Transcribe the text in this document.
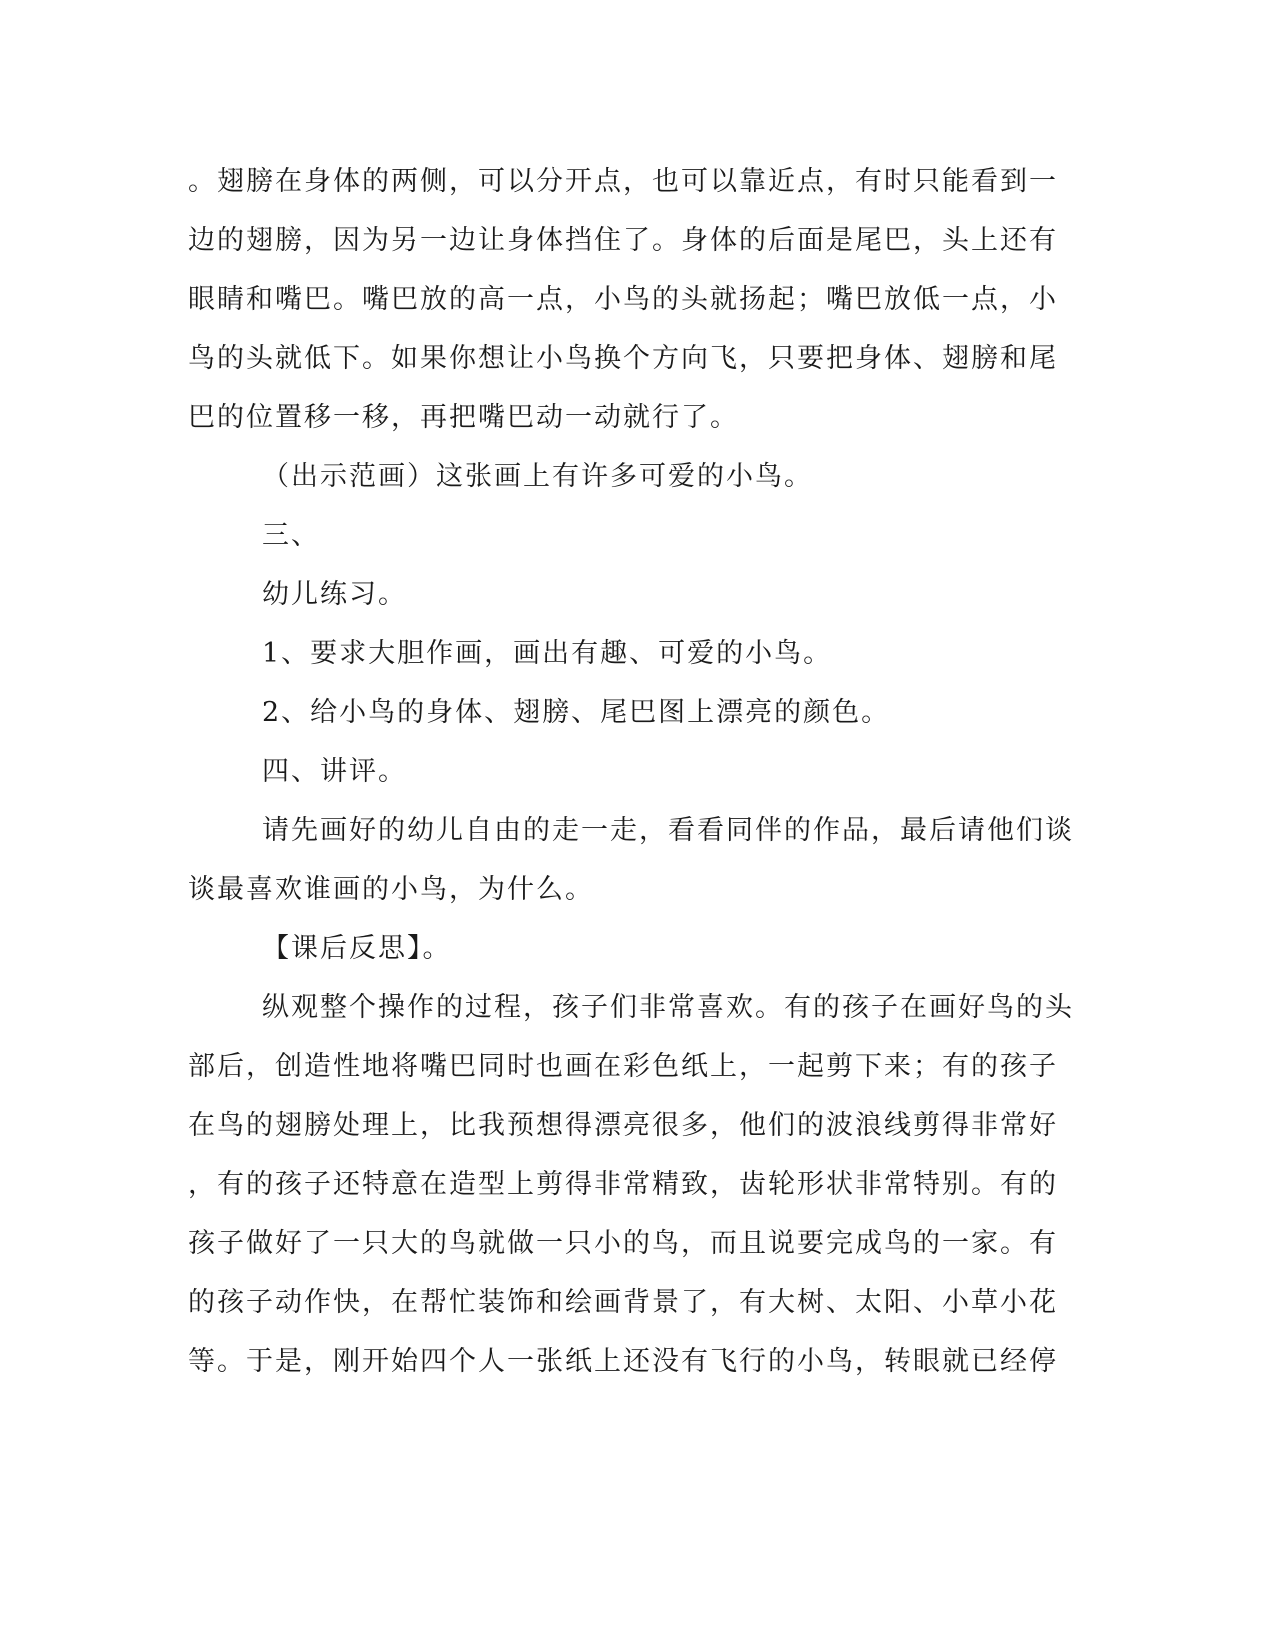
。翅膀在身体的两侧，可以分开点，也可以靠近点，有时只能看到一
边的翅膀，因为另一边让身体挡住了。身体的后面是尾巴，头上还有
眼睛和嘴巴。嘴巴放的高一点，小鸟的头就扬起；嘴巴放低一点，小
鸟的头就低下。如果你想让小鸟换个方向飞，只要把身体、翅膀和尾
巴的位置移一移，再把嘴巴动一动就行了。
（出示范画）这张画上有许多可爱的小鸟。
三、
幼儿练习。
1、要求大胆作画，画出有趣、可爱的小鸟。
2、给小鸟的身体、翅膀、尾巴图上漂亮的颜色。
四、讲评。
请先画好的幼儿自由的走一走，看看同伴的作品，最后请他们谈
谈最喜欢谁画的小鸟，为什么。
【课后反思】。
纵观整个操作的过程，孩子们非常喜欢。有的孩子在画好鸟的头
部后，创造性地将嘴巴同时也画在彩色纸上，一起剪下来；有的孩子
在鸟的翅膀处理上，比我预想得漂亮很多，他们的波浪线剪得非常好
，有的孩子还特意在造型上剪得非常精致，齿轮形状非常特别。有的
孩子做好了一只大的鸟就做一只小的鸟，而且说要完成鸟的一家。有
的孩子动作快，在帮忙装饰和绘画背景了，有大树、太阳、小草小花
等。于是，刚开始四个人一张纸上还没有飞行的小鸟，转眼就已经停
